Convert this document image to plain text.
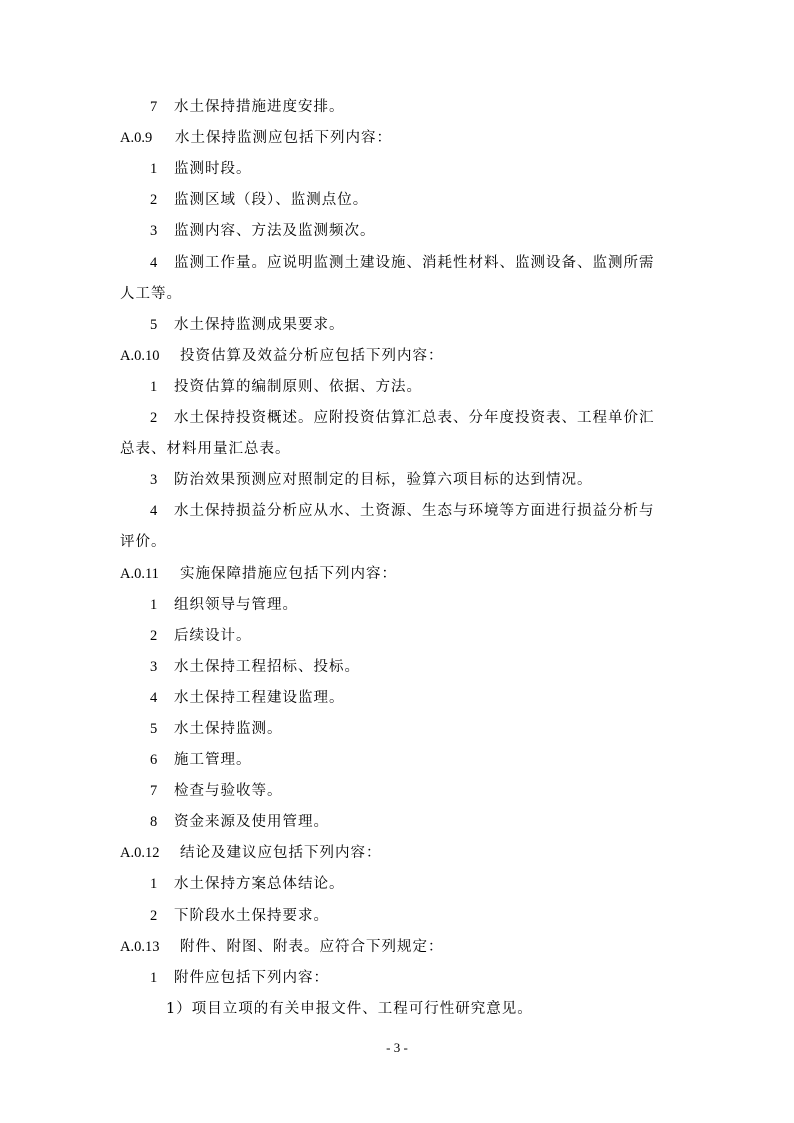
7 水土保持措施进度安排。
A.0.9 水土保持监测应包括下列内容：
1 监测时段。
2 监测区域（段）、监测点位。
3 监测内容、方法及监测频次。
4 监测工作量。应说明监测土建设施、消耗性材料、监测设备、监测所需
人工等。
5 水土保持监测成果要求。
A.0.10 投资估算及效益分析应包括下列内容：
1 投资估算的编制原则、依据、方法。
2 水土保持投资概述。应附投资估算汇总表、分年度投资表、工程单价汇
总表、材料用量汇总表。
3 防治效果预测应对照制定的目标，验算六项目标的达到情况。
4 水土保持损益分析应从水、土资源、生态与环境等方面进行损益分析与
评价。
A.0.11 实施保障措施应包括下列内容：
1 组织领导与管理。
2 后续设计。
3 水土保持工程招标、投标。
4 水土保持工程建设监理。
5 水土保持监测。
6 施工管理。
7 检查与验收等。
8 资金来源及使用管理。
A.0.12 结论及建议应包括下列内容：
1 水土保持方案总体结论。
2 下阶段水土保持要求。
A.0.13 附件、附图、附表。应符合下列规定：
1 附件应包括下列内容：
1）项目立项的有关申报文件、工程可行性研究意见。
- 3 -
